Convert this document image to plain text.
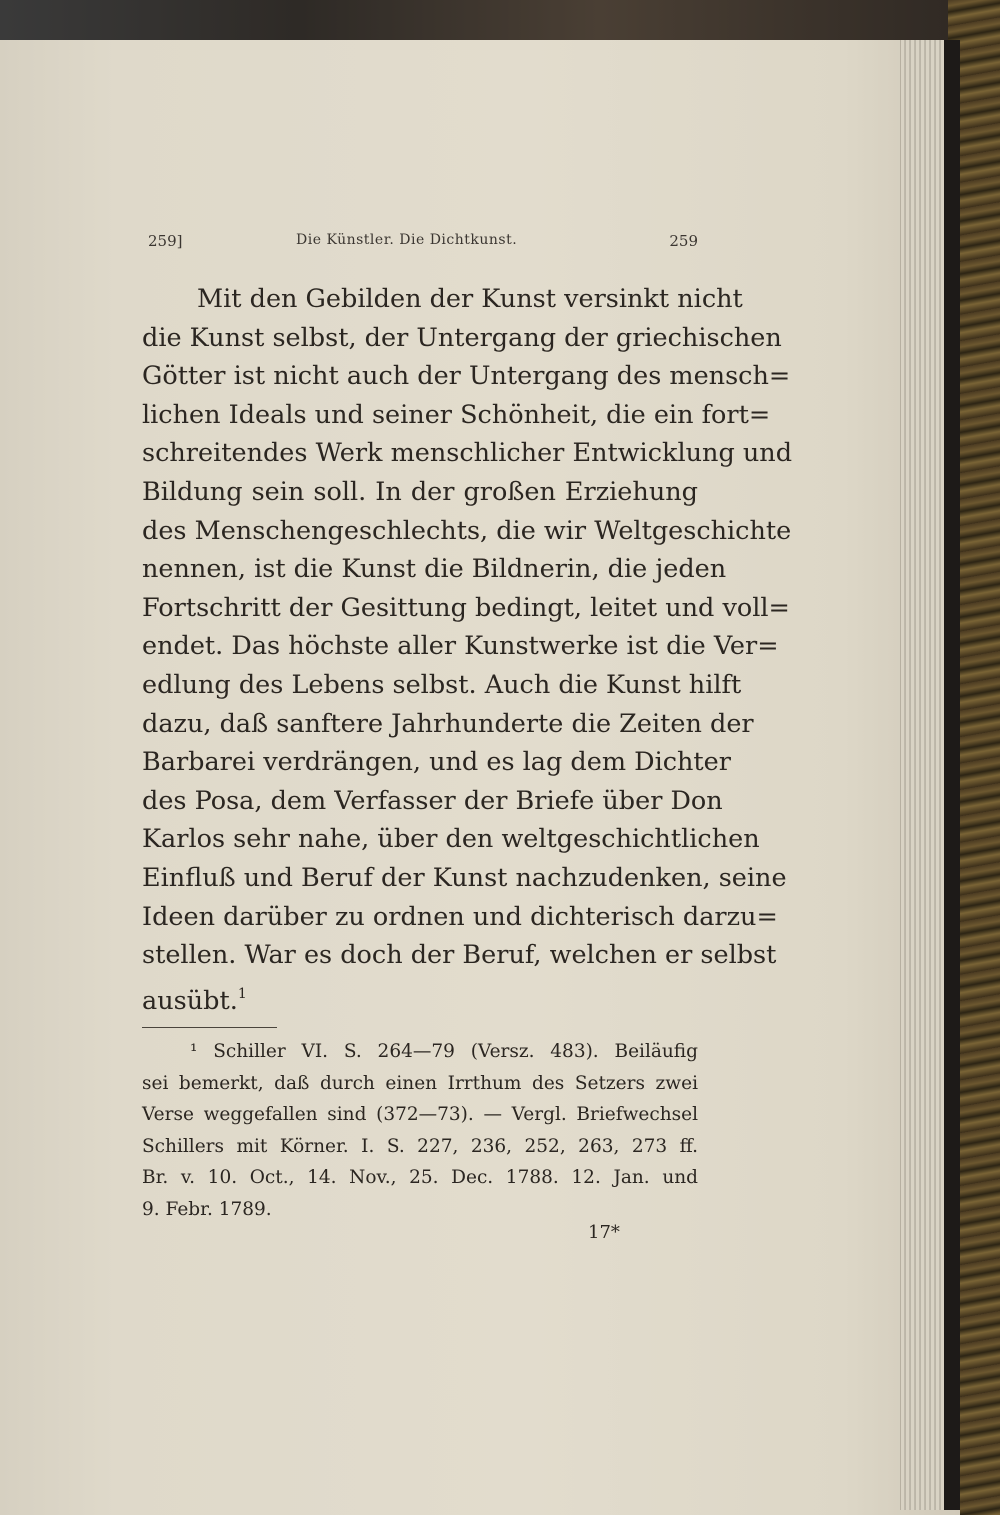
259]	Die Künstler. Die Dichtkunst.	259
Mit den Gebilden der Kunst versinkt nicht
die Kunst selbst, der Untergang der griechischen
Götter ist nicht auch der Untergang des mensch=
lichen Ideals und seiner Schönheit, die ein fort=
schreitendes Werk menschlicher Entwicklung und
Bildung sein soll. In der großen Erziehung
des Menschengeschlechts, die wir Weltgeschichte
nennen, ist die Kunst die Bildnerin, die jeden
Fortschritt der Gesittung bedingt, leitet und voll=
endet. Das höchste aller Kunstwerke ist die Ver=
edlung des Lebens selbst. Auch die Kunst hilft
dazu, daß sanftere Jahrhunderte die Zeiten der
Barbarei verdrängen, und es lag dem Dichter
des Posa, dem Verfasser der Briefe über Don
Karlos sehr nahe, über den weltgeschichtlichen
Einfluß und Beruf der Kunst nachzudenken, seine
Ideen darüber zu ordnen und dichterisch darzu=
stellen. War es doch der Beruf, welchen er selbst
ausübt.$^1$
¹ Schiller VI. S. 264—79 (Versz. 483). Beiläufig
sei bemerkt, daß durch einen Irrthum des Setzers zwei
Verse weggefallen sind (372—73). — Vergl. Briefwechsel
Schillers mit Körner. I. S. 227, 236, 252, 263, 273 ff.
Br. v. 10. Oct., 14. Nov., 25. Dec. 1788. 12. Jan. und
9. Febr. 1789.
17*
